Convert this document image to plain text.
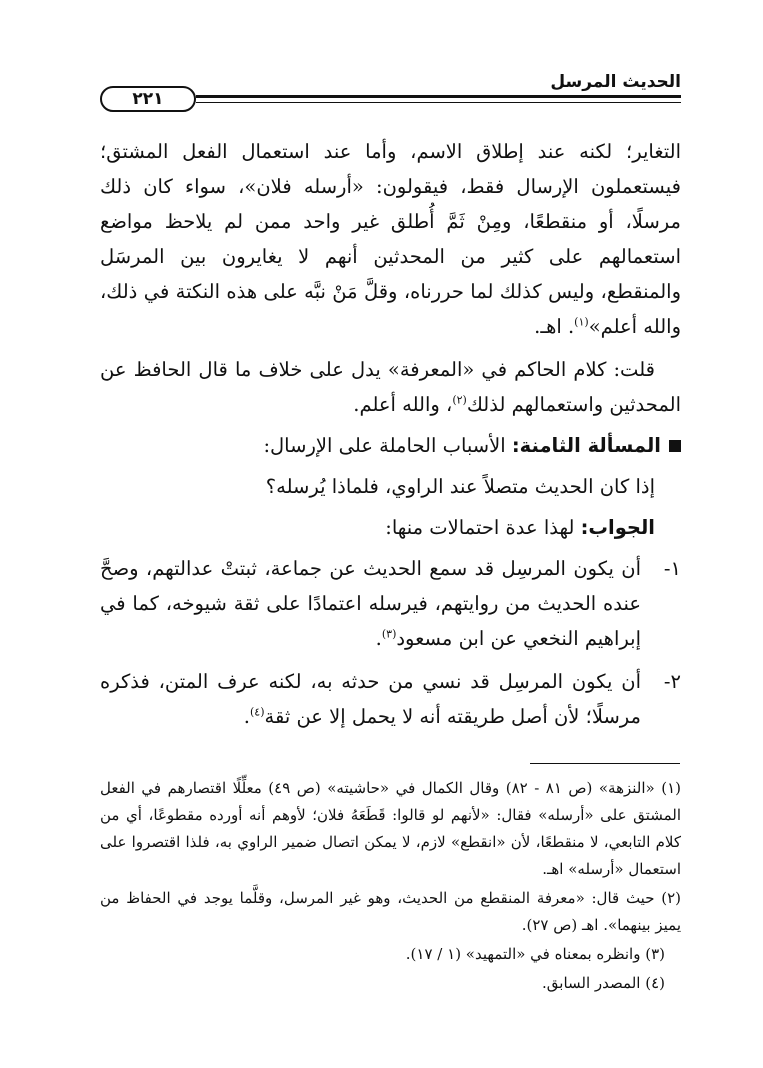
الحديث المرسل
٢٢١

التغاير؛ لكنه عند إطلاق الاسم، وأما عند استعمال الفعل المشتق؛ فيستعملون الإرسال فقط، فيقولون: «أرسله فلان»، سواء كان ذلك مرسلًا، أو منقطعًا، ومِنْ ثَمَّ أُطلق غير واحد ممن لم يلاحظ مواضع استعمالهم على كثير من المحدثين أنهم لا يغايرون بين المرسَل والمنقطع، وليس كذلك لما حررناه، وقلَّ مَنْ نبَّه على هذه النكتة في ذلك، والله أعلم»$^{(١)}$. اهـ.

قلت: كلام الحاكم في «المعرفة» يدل على خلاف ما قال الحافظ عن المحدثين واستعمالهم لذلك$^{(٢)}$، والله أعلم.

المسألة الثامنة: الأسباب الحاملة على الإرسال:

إذا كان الحديث متصلاً عند الراوي، فلماذا يُرسله؟

الجواب: لهذا عدة احتمالات منها:

١-
أن يكون المرسِل قد سمع الحديث عن جماعة، ثبتتْ عدالتهم، وصحَّ عنده الحديث من روايتهم، فيرسله اعتمادًا على ثقة شيوخه، كما في إبراهيم النخعي عن ابن مسعود$^{(٣)}$.
٢-
أن يكون المرسِل قد نسي من حدثه به، لكنه عرف المتن، فذكره مرسلًا؛ لأن أصل طريقته أنه لا يحمل إلا عن ثقة$^{(٤)}$.

(١) «النزهة» (ص ٨١ - ٨٢) وقال الكمال في «حاشيته» (ص ٤٩) معلِّلًا اقتصارهم في الفعل المشتق على «أرسله» فقال: «لأنهم لو قالوا: قَطَعَهُ فلان؛ لأوهم أنه أورده مقطوعًا، أي من كلام التابعي، لا منقطعًا، لأن «انقطع» لازم، لا يمكن اتصال ضمير الراوي به، فلذا اقتصروا على استعمال «أرسله» اهـ.

(٢) حيث قال: «معرفة المنقطع من الحديث، وهو غير المرسل، وقلَّما يوجد في الحفاظ من يميز بينهما». اهـ (ص ٢٧).

(٣) وانظره بمعناه في «التمهيد» (١ / ١٧).

(٤) المصدر السابق.
